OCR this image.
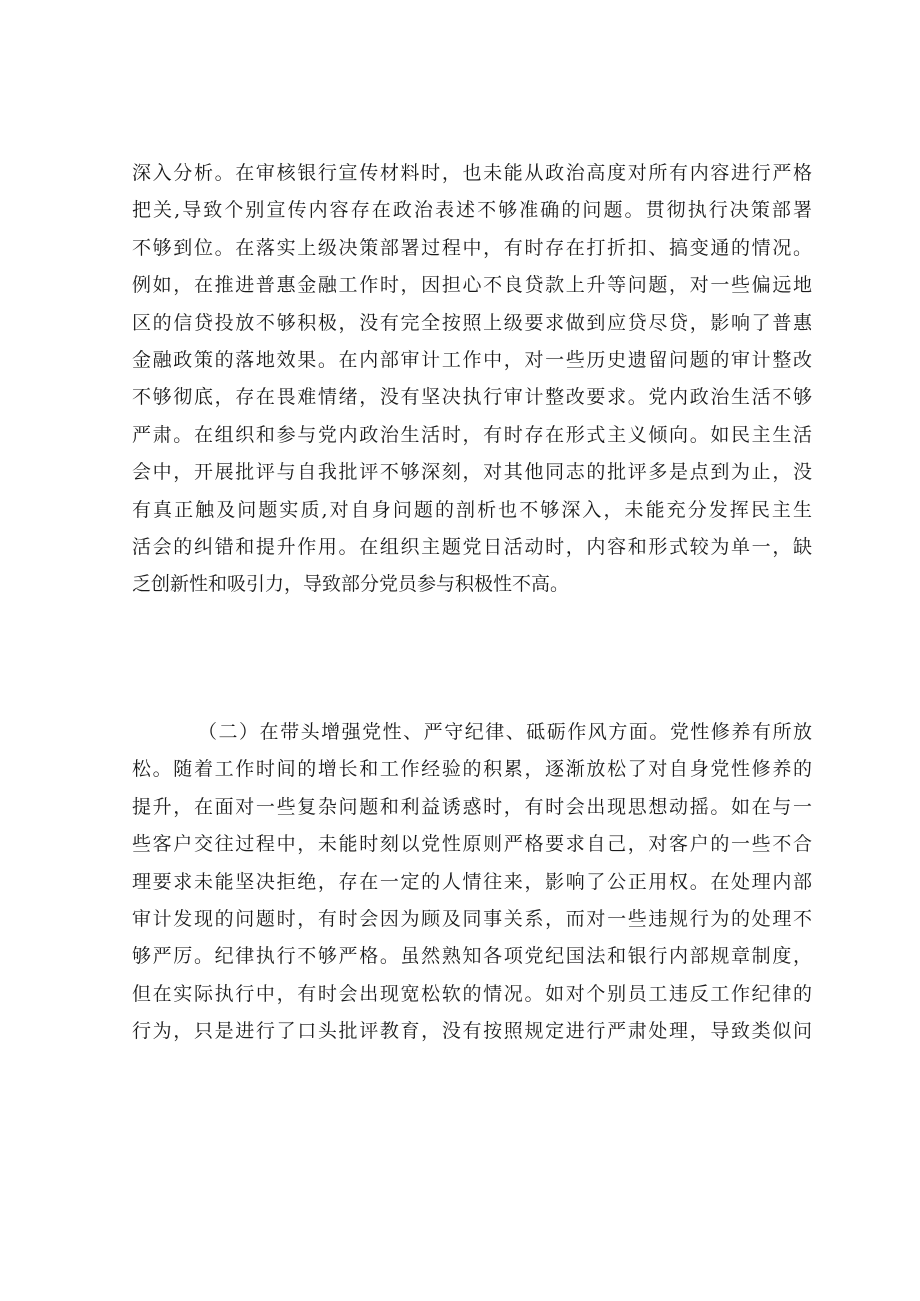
深入分析。在审核银行宣传材料时，也未能从政治高度对所有内容进行严格
把关,导致个别宣传内容存在政治表述不够准确的问题。贯彻执行决策部署
不够到位。在落实上级决策部署过程中，有时存在打折扣、搞变通的情况。
例如，在推进普惠金融工作时，因担心不良贷款上升等问题，对一些偏远地
区的信贷投放不够积极，没有完全按照上级要求做到应贷尽贷，影响了普惠
金融政策的落地效果。在内部审计工作中，对一些历史遗留问题的审计整改
不够彻底，存在畏难情绪，没有坚决执行审计整改要求。党内政治生活不够
严肃。在组织和参与党内政治生活时，有时存在形式主义倾向。如民主生活
会中，开展批评与自我批评不够深刻，对其他同志的批评多是点到为止，没
有真正触及问题实质,对自身问题的剖析也不够深入，未能充分发挥民主生
活会的纠错和提升作用。在组织主题党日活动时，内容和形式较为单一，缺
乏创新性和吸引力，导致部分党员参与积极性不高。
（二）在带头增强党性、严守纪律、砥砺作风方面。党性修养有所放
松。随着工作时间的增长和工作经验的积累，逐渐放松了对自身党性修养的
提升，在面对一些复杂问题和利益诱惑时，有时会出现思想动摇。如在与一
些客户交往过程中，未能时刻以党性原则严格要求自己，对客户的一些不合
理要求未能坚决拒绝，存在一定的人情往来，影响了公正用权。在处理内部
审计发现的问题时，有时会因为顾及同事关系，而对一些违规行为的处理不
够严厉。纪律执行不够严格。虽然熟知各项党纪国法和银行内部规章制度，
但在实际执行中，有时会出现宽松软的情况。如对个别员工违反工作纪律的
行为，只是进行了口头批评教育，没有按照规定进行严肃处理，导致类似问
